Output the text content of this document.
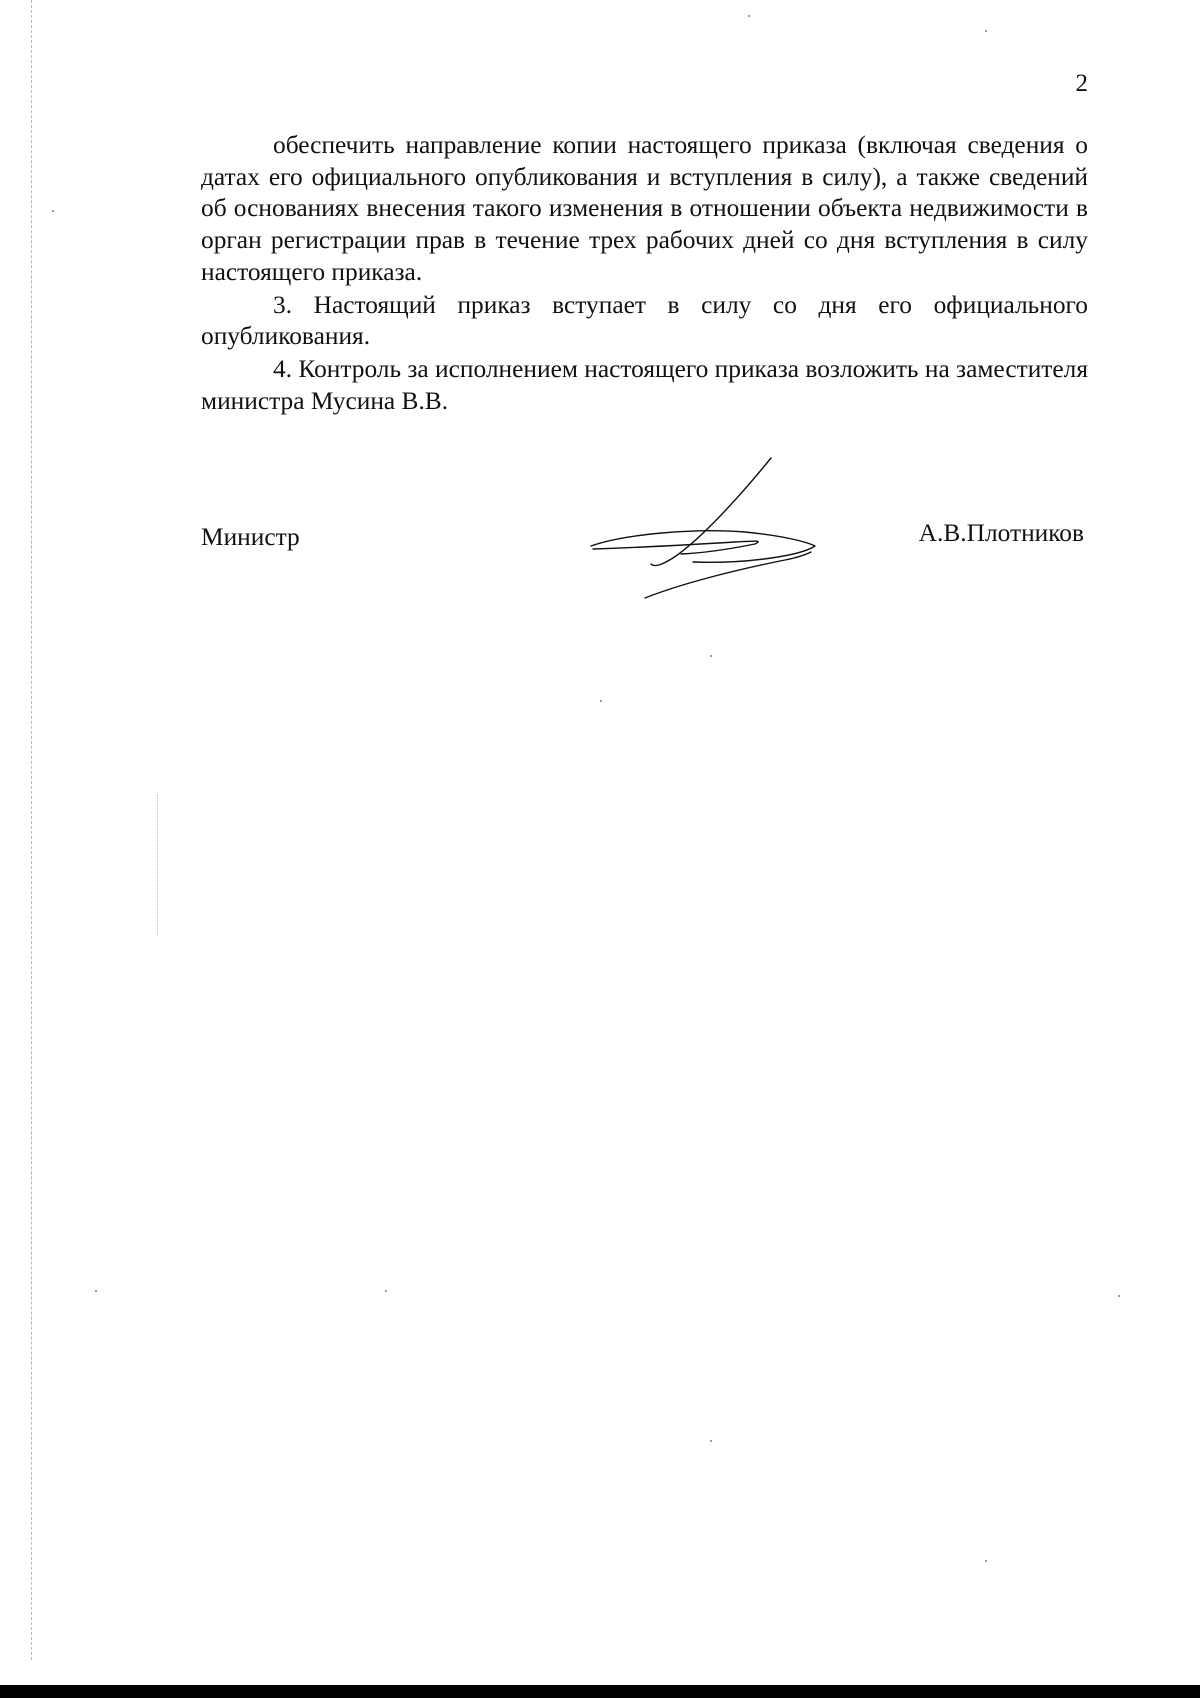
2

обеспечить направление копии настоящего приказа (включая сведения о датах его официального опубликования и вступления в силу), а также сведений об основаниях внесения такого изменения в отношении объекта недвижимости в орган регистрации прав в течение трех рабочих дней со дня вступления в силу настоящего приказа.

3. Настоящий приказ вступает в силу со дня его официального опубликования.

4. Контроль за исполнением настоящего приказа возложить на заместителя министра Мусина В.В.

Министр	А.В.Плотников
